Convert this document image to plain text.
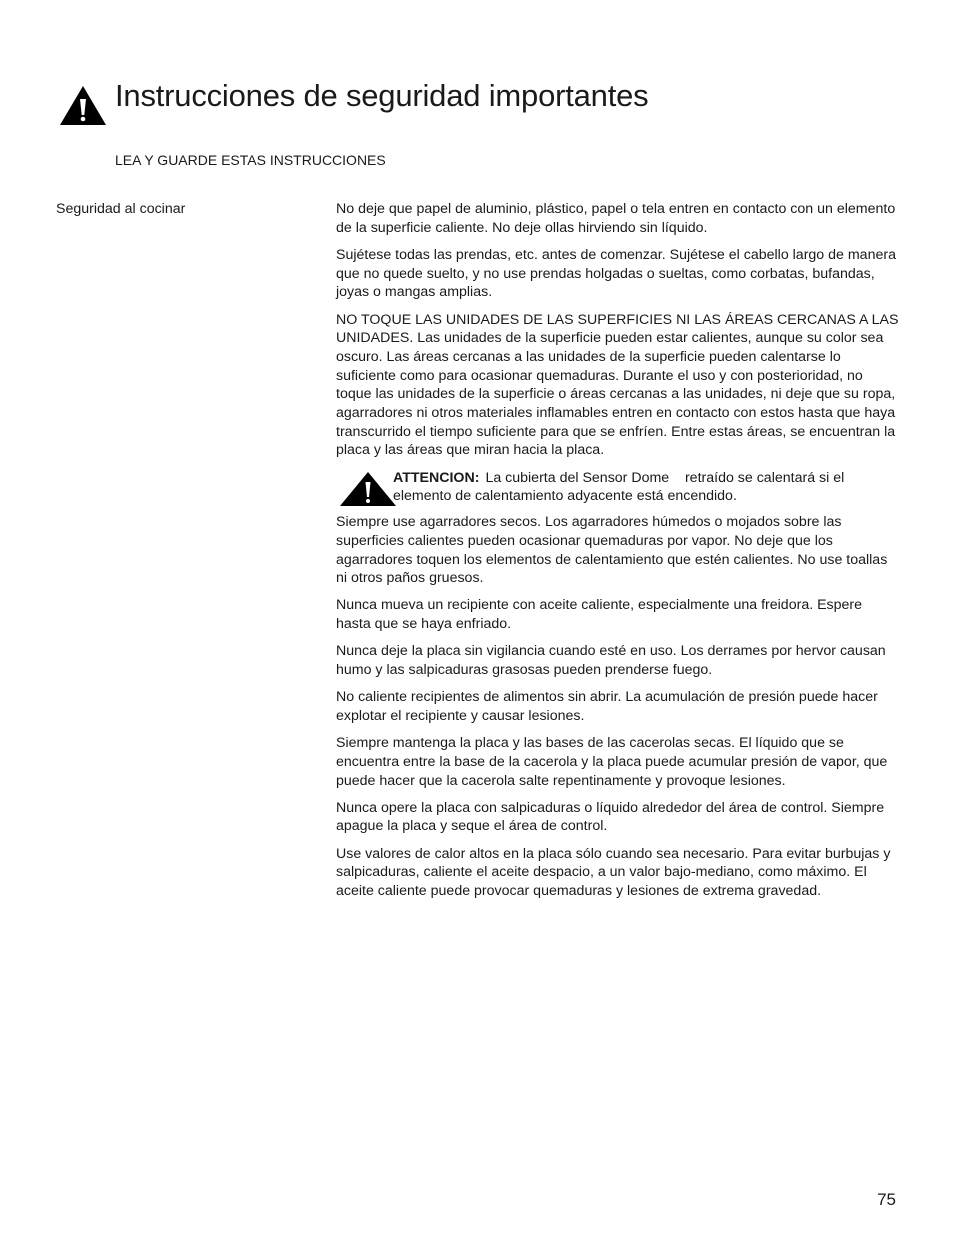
Instrucciones de seguridad importantes

LEA Y GUARDE ESTAS INSTRUCCIONES

Seguridad al cocinar	No deje que papel de aluminio, plástico, papel o tela entren en contacto con un elemento de la superficie caliente. No deje ollas hirviendo sin líquido.

Sujétese todas las prendas, etc. antes de comenzar. Sujétese el cabello largo de manera que no quede suelto, y no use prendas holgadas o sueltas, como corbatas, bufandas, joyas o mangas amplias.

NO TOQUE LAS UNIDADES DE LAS SUPERFICIES NI LAS ÁREAS CERCANAS A LAS UNIDADES. Las unidades de la superficie pueden estar calientes, aunque su color sea oscuro. Las áreas cercanas a las unidades de la superficie pueden calentarse lo suficiente como para ocasionar quemaduras. Durante el uso y con posterioridad, no toque las unidades de la superficie o áreas cercanas a las unidades, ni deje que su ropa, agarradores ni otros materiales inflamables entren en contacto con estos hasta que haya transcurrido el tiempo suficiente para que se enfríen. Entre estas áreas, se encuentran la placa y las áreas que miran hacia la placa.

ATTENCION: La cubierta del Sensor Dome    retraído se calentará si el elemento de calentamiento adyacente está encendido.

Siempre use agarradores secos. Los agarradores húmedos o mojados sobre las superficies calientes pueden ocasionar quemaduras por vapor. No deje que los agarradores toquen los elementos de calentamiento que estén calientes. No use toallas ni otros paños gruesos.

Nunca mueva un recipiente con aceite caliente, especialmente una freidora. Espere hasta que se haya enfriado.

Nunca deje la placa sin vigilancia cuando esté en uso. Los derrames por hervor causan humo y las salpicaduras grasosas pueden prenderse fuego.

No caliente recipientes de alimentos sin abrir. La acumulación de presión puede hacer explotar el recipiente y causar lesiones.

Siempre mantenga la placa y las bases de las cacerolas secas. El líquido que se encuentra entre la base de la cacerola y la placa puede acumular presión de vapor, que puede hacer que la cacerola salte repentinamente y provoque lesiones.

Nunca opere la placa con salpicaduras o líquido alrededor del área de control. Siempre apague la placa y seque el área de control.

Use valores de calor altos en la placa sólo cuando sea necesario. Para evitar burbujas y salpicaduras, caliente el aceite despacio, a un valor bajo-mediano, como máximo. El aceite caliente puede provocar quemaduras y lesiones de extrema gravedad.

75
